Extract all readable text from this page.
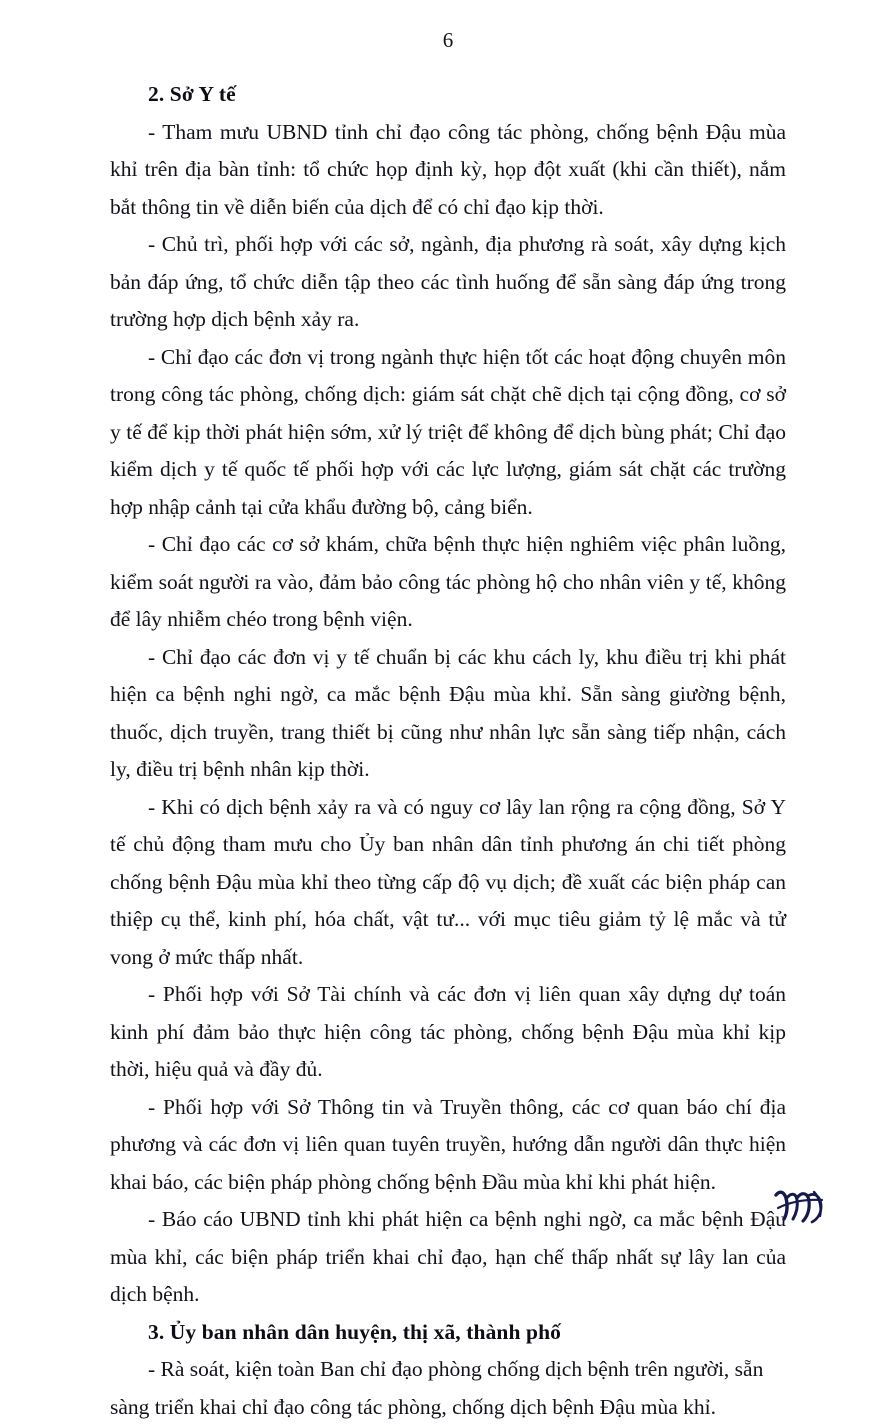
6
2. Sở Y tế

- Tham mưu UBND tỉnh chỉ đạo công tác phòng, chống bệnh Đậu mùa khỉ trên địa bàn tỉnh: tổ chức họp định kỳ, họp đột xuất (khi cần thiết), nắm bắt thông tin về diễn biến của dịch để có chỉ đạo kịp thời.

- Chủ trì, phối hợp với các sở, ngành, địa phương rà soát, xây dựng kịch bản đáp ứng, tổ chức diễn tập theo các tình huống để sẵn sàng đáp ứng trong trường hợp dịch bệnh xảy ra.

- Chỉ đạo các đơn vị trong ngành thực hiện tốt các hoạt động chuyên môn trong công tác phòng, chống dịch: giám sát chặt chẽ dịch tại cộng đồng, cơ sở y tế để kịp thời phát hiện sớm, xử lý triệt để không để dịch bùng phát; Chỉ đạo kiểm dịch y tế quốc tế phối hợp với các lực lượng, giám sát chặt các trường hợp nhập cảnh tại cửa khẩu đường bộ, cảng biển.

- Chỉ đạo các cơ sở khám, chữa bệnh thực hiện nghiêm việc phân luồng, kiểm soát người ra vào, đảm bảo công tác phòng hộ cho nhân viên y tế, không để lây nhiễm chéo trong bệnh viện.

- Chỉ đạo các đơn vị y tế chuẩn bị các khu cách ly, khu điều trị khi phát hiện ca bệnh nghi ngờ, ca mắc bệnh Đậu mùa khỉ. Sẵn sàng giường bệnh, thuốc, dịch truyền, trang thiết bị cũng như nhân lực sẵn sàng tiếp nhận, cách ly, điều trị bệnh nhân kịp thời.

- Khi có dịch bệnh xảy ra và có nguy cơ lây lan rộng ra cộng đồng, Sở Y tế chủ động tham mưu cho Ủy ban nhân dân tỉnh phương án chi tiết phòng chống bệnh Đậu mùa khỉ theo từng cấp độ vụ dịch; đề xuất các biện pháp can thiệp cụ thể, kinh phí, hóa chất, vật tư... với mục tiêu giảm tỷ lệ mắc và tử vong ở mức thấp nhất.

- Phối hợp với Sở Tài chính và các đơn vị liên quan xây dựng dự toán kinh phí đảm bảo thực hiện công tác phòng, chống bệnh Đậu mùa khỉ kịp thời, hiệu quả và đầy đủ.

- Phối hợp với Sở Thông tin và Truyền thông, các cơ quan báo chí địa phương và các đơn vị liên quan tuyên truyền, hướng dẫn người dân thực hiện khai báo, các biện pháp phòng chống bệnh Đầu mùa khỉ khi phát hiện.

- Báo cáo UBND tỉnh khi phát hiện ca bệnh nghi ngờ, ca mắc bệnh Đậu mùa khỉ, các biện pháp triển khai chỉ đạo, hạn chế thấp nhất sự lây lan của dịch bệnh.

3. Ủy ban nhân dân huyện, thị xã, thành phố

- Rà soát, kiện toàn Ban chỉ đạo phòng chống dịch bệnh trên người, sẵn sàng triển khai chỉ đạo công tác phòng, chống dịch bệnh Đậu mùa khỉ.
